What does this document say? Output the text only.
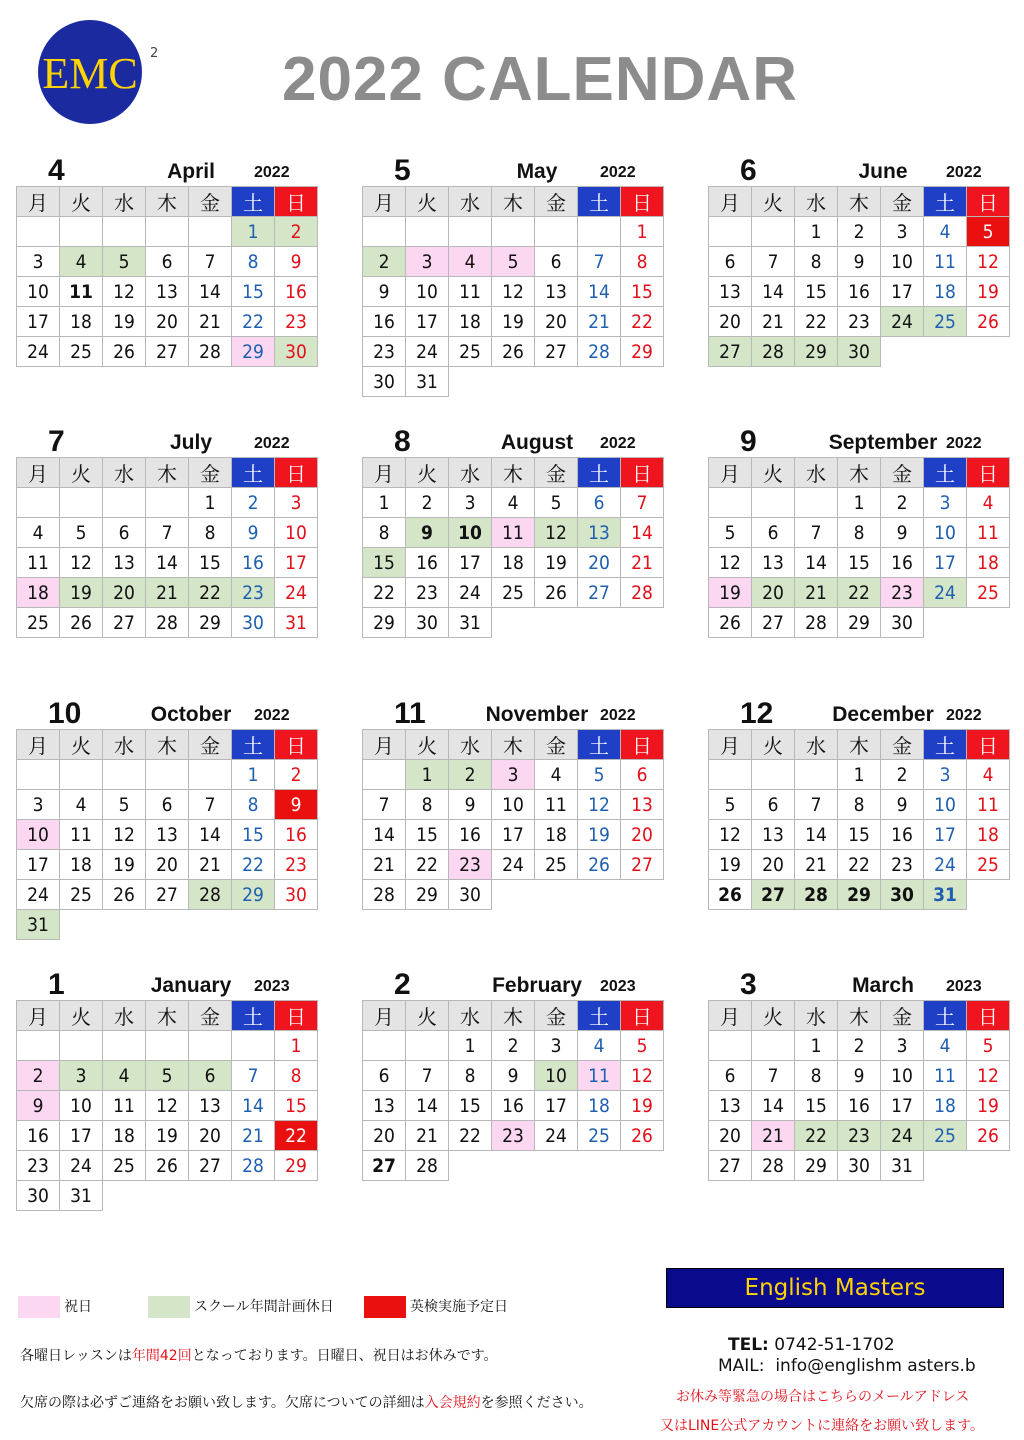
EMC 2	2022 CALENDAR
4	April	2022
月	火	水	木	金	土	日
					1	2
3	4	5	6	7	8	9
10	11	12	13	14	15	16
17	18	19	20	21	22	23
24	25	26	27	28	29	30
5	May	2022
月	火	水	木	金	土	日
						1
2	3	4	5	6	7	8
9	10	11	12	13	14	15
16	17	18	19	20	21	22
23	24	25	26	27	28	29
30	31					
6	June	2022
月	火	水	木	金	土	日
		1	2	3	4	5
6	7	8	9	10	11	12
13	14	15	16	17	18	19
20	21	22	23	24	25	26
27	28	29	30			
7	July	2022
月	火	水	木	金	土	日
				1	2	3
4	5	6	7	8	9	10
11	12	13	14	15	16	17
18	19	20	21	22	23	24
25	26	27	28	29	30	31
8	August	2022
月	火	水	木	金	土	日
1	2	3	4	5	6	7
8	9	10	11	12	13	14
15	16	17	18	19	20	21
22	23	24	25	26	27	28
29	30	31				
9	September 2022
月	火	水	木	金	土	日
			1	2	3	4
5	6	7	8	9	10	11
12	13	14	15	16	17	18
19	20	21	22	23	24	25
26	27	28	29	30		
10	October	2022
月	火	水	木	金	土	日
					1	2
3	4	5	6	7	8	9
10	11	12	13	14	15	16
17	18	19	20	21	22	23
24	25	26	27	28	29	30
31						
11	November 2022
月	火	水	木	金	土	日
	1	2	3	4	5	6
7	8	9	10	11	12	13
14	15	16	17	18	19	20
21	22	23	24	25	26	27
28	29	30				
12	December 2022
月	火	水	木	金	土	日
			1	2	3	4
5	6	7	8	9	10	11
12	13	14	15	16	17	18
19	20	21	22	23	24	25
26	27	28	29	30	31	
1	January	2023
月	火	水	木	金	土	日
						1
2	3	4	5	6	7	8
9	10	11	12	13	14	15
16	17	18	19	20	21	22
23	24	25	26	27	28	29
30	31					
2	February	2023
月	火	水	木	金	土	日
		1	2	3	4	5
6	7	8	9	10	11	12
13	14	15	16	17	18	19
20	21	22	23	24	25	26
27	28					
3	March	2023
月	火	水	木	金	土	日
		1	2	3	4	5
6	7	8	9	10	11	12
13	14	15	16	17	18	19
20	21	22	23	24	25	26
27	28	29	30	31		
祝日	スクール年間計画休日	英検実施予定日
各曜日レッスンは年間42回となっております。日曜日、祝日はお休みです。
欠席の際は必ずご連絡をお願い致します。欠席についての詳細は入会規約を参照ください。
English Masters
TEL: 0742-51-1702
MAIL: info@englishm asters.b
お休み等緊急の場合はこちらのメールアドレス
又はLINE公式アカウントに連絡をお願い致します。
